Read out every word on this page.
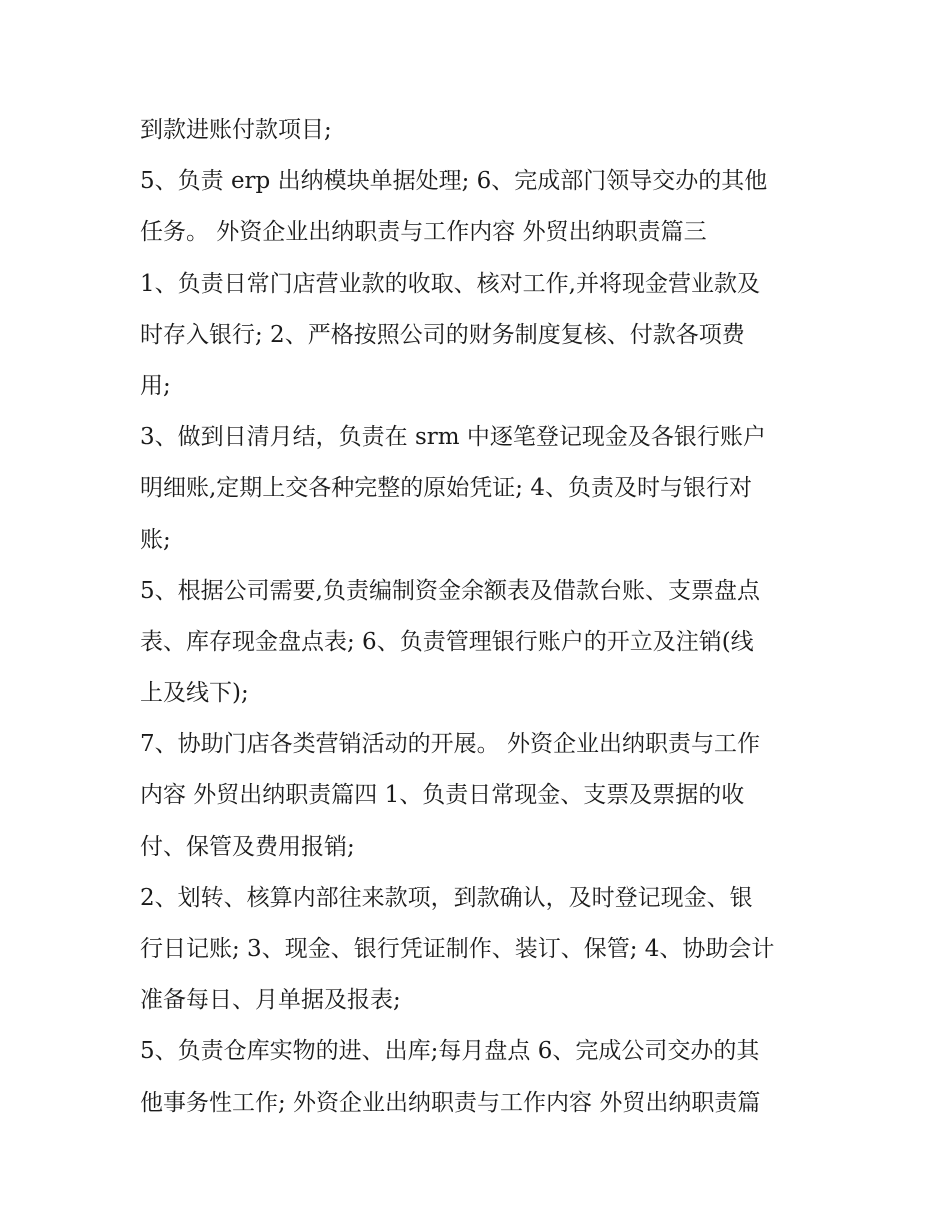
到款进账付款项目;
5、负责 erp 出纳模块单据处理; 6、完成部门领导交办的其他
任务。 外资企业出纳职责与工作内容 外贸出纳职责篇三
1、负责日常门店营业款的收取、核对工作,并将现金营业款及
时存入银行; 2、严格按照公司的财务制度复核、付款各项费
用;
3、做到日清月结，负责在 srm 中逐笔登记现金及各银行账户
明细账,定期上交各种完整的原始凭证; 4、负责及时与银行对
账;
5、根据公司需要,负责编制资金余额表及借款台账、支票盘点
表、库存现金盘点表; 6、负责管理银行账户的开立及注销(线
上及线下);
7、协助门店各类营销活动的开展。 外资企业出纳职责与工作
内容 外贸出纳职责篇四 1、负责日常现金、支票及票据的收
付、保管及费用报销;
2、划转、核算内部往来款项，到款确认，及时登记现金、银
行日记账; 3、现金、银行凭证制作、装订、保管; 4、协助会计
准备每日、月单据及报表;
5、负责仓库实物的进、出库;每月盘点 6、完成公司交办的其
他事务性工作; 外资企业出纳职责与工作内容 外贸出纳职责篇
